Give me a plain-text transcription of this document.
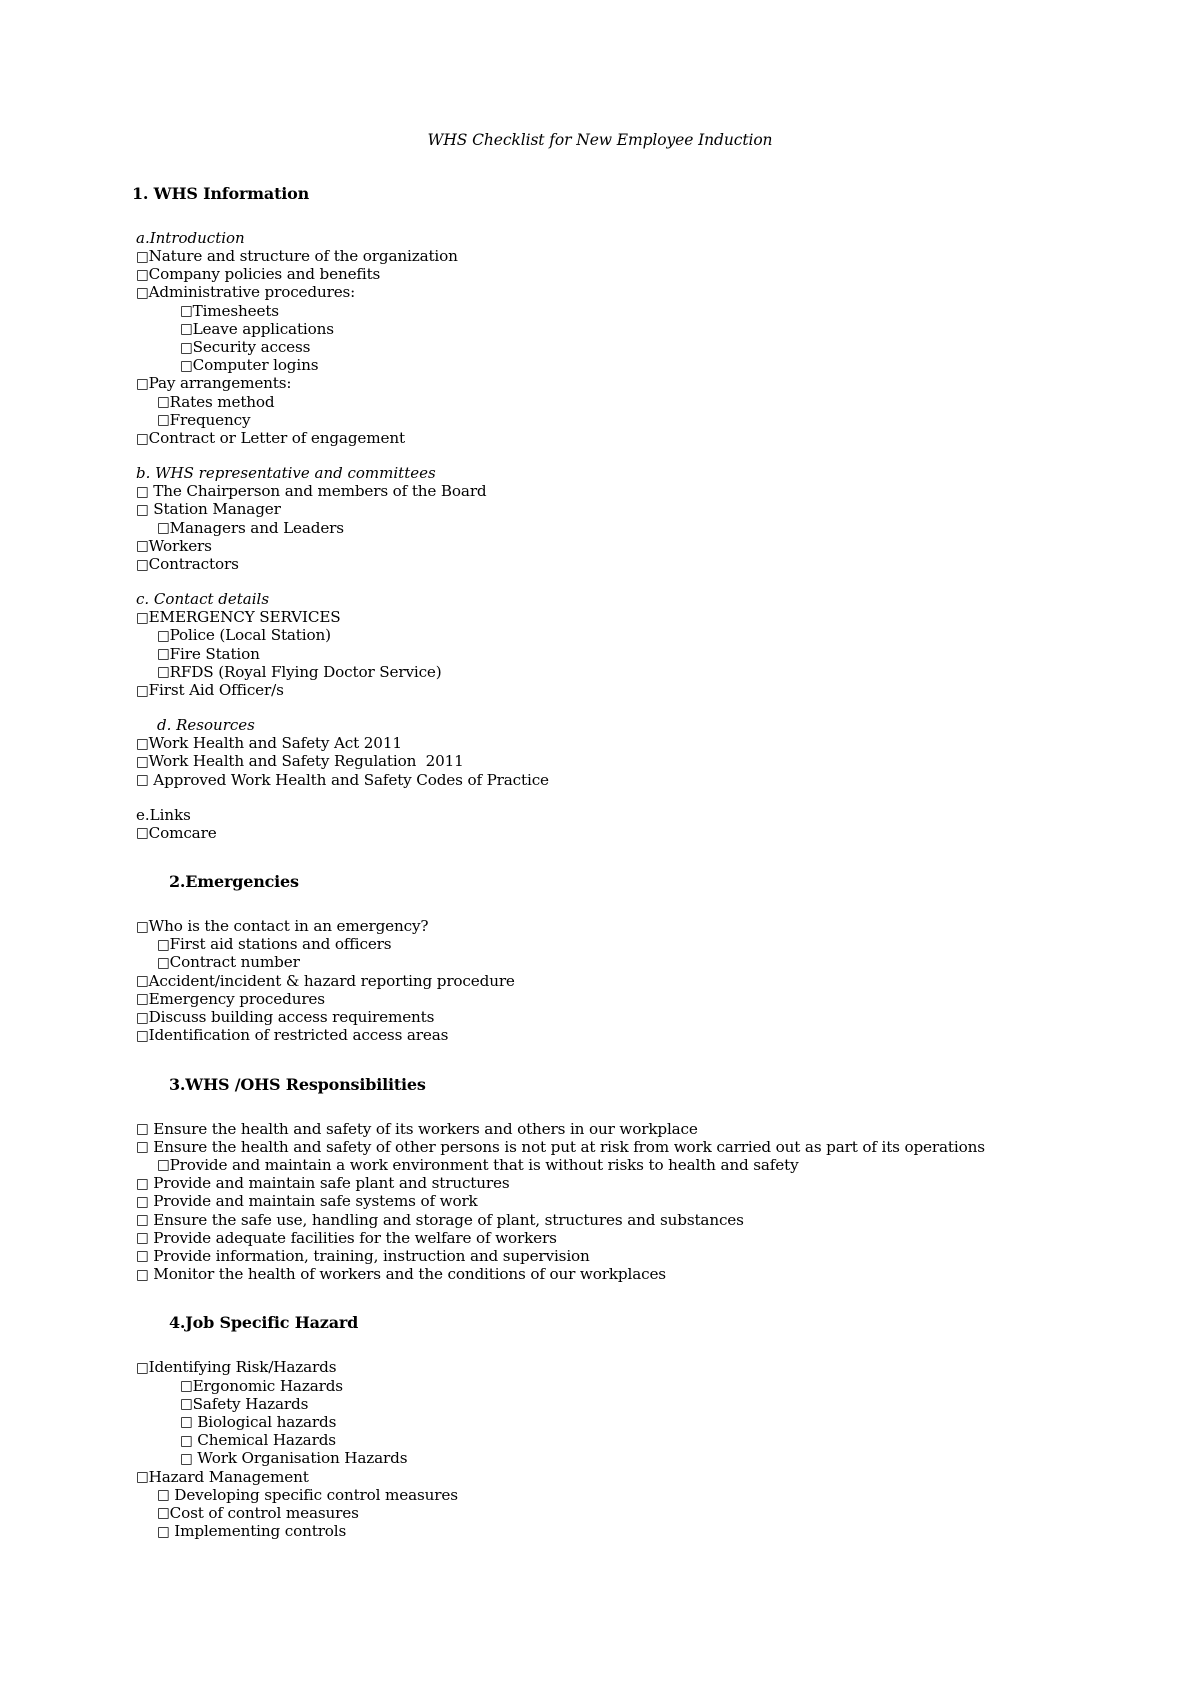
WHS Checklist for New Employee Induction
1. WHS Information
a.Introduction
□Nature and structure of the organization
□Company policies and benefits
□Administrative procedures:
□Timesheets
□Leave applications
□Security access
□Computer logins
□Pay arrangements:
□Rates method
□Frequency
□Contract or Letter of engagement
b. WHS representative and committees
□ The Chairperson and members of the Board
□ Station Manager
□Managers and Leaders
□Workers
□Contractors
c. Contact details
□EMERGENCY SERVICES
□Police (Local Station)
□Fire Station
□RFDS (Royal Flying Doctor Service)
□First Aid Officer/s
d. Resources
□Work Health and Safety Act 2011
□Work Health and Safety Regulation  2011
□ Approved Work Health and Safety Codes of Practice
e.Links
□Comcare
2.Emergencies
□Who is the contact in an emergency?
□First aid stations and officers
□Contract number
□Accident/incident & hazard reporting procedure
□Emergency procedures
□Discuss building access requirements
□Identification of restricted access areas
3.WHS /OHS Responsibilities
□ Ensure the health and safety of its workers and others in our workplace
□ Ensure the health and safety of other persons is not put at risk from work carried out as part of its operations
□Provide and maintain a work environment that is without risks to health and safety
□ Provide and maintain safe plant and structures
□ Provide and maintain safe systems of work
□ Ensure the safe use, handling and storage of plant, structures and substances
□ Provide adequate facilities for the welfare of workers
□ Provide information, training, instruction and supervision
□ Monitor the health of workers and the conditions of our workplaces
4.Job Specific Hazard
□Identifying Risk/Hazards
□Ergonomic Hazards
□Safety Hazards
□ Biological hazards
□ Chemical Hazards
□ Work Organisation Hazards
□Hazard Management
□ Developing specific control measures
□Cost of control measures
□ Implementing controls
